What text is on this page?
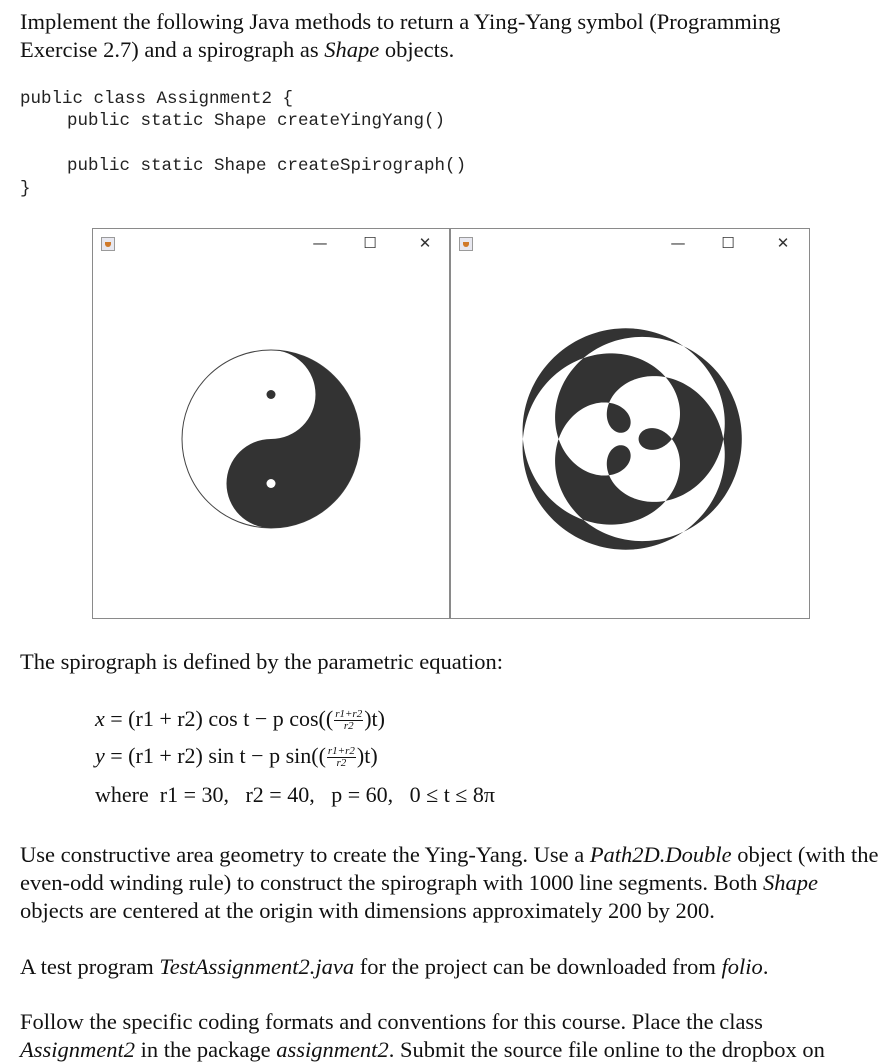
Implement the following Java methods to return a Ying-Yang symbol (Programming Exercise 2.7) and a spirograph as Shape objects.

public class Assignment2 {
public static Shape createYingYang()
public static Shape createSpirograph()
}
—	☐	✕	—	☐	✕

The spirograph is defined by the parametric equation:

x = (r1 + r2) cos t − p $\cos(( \frac{r1+r2}{r2} )t)$
y = (r1 + r2) sin t − p $\sin(( \frac{r1+r2}{r2} )t)$
where  r1 = 30,   r2 = 40,   p = 60,   0 ≤ t ≤ 8π

Use constructive area geometry to create the Ying-Yang. Use a Path2D.Double object (with the even-odd winding rule) to construct the spirograph with 1000 line segments. Both Shape objects are centered at the origin with dimensions approximately 200 by 200.

A test program TestAssignment2.java for the project can be downloaded from folio.

Follow the specific coding formats and conventions for this course. Place the class Assignment2 in the package assignment2. Submit the source file online to the dropbox on
